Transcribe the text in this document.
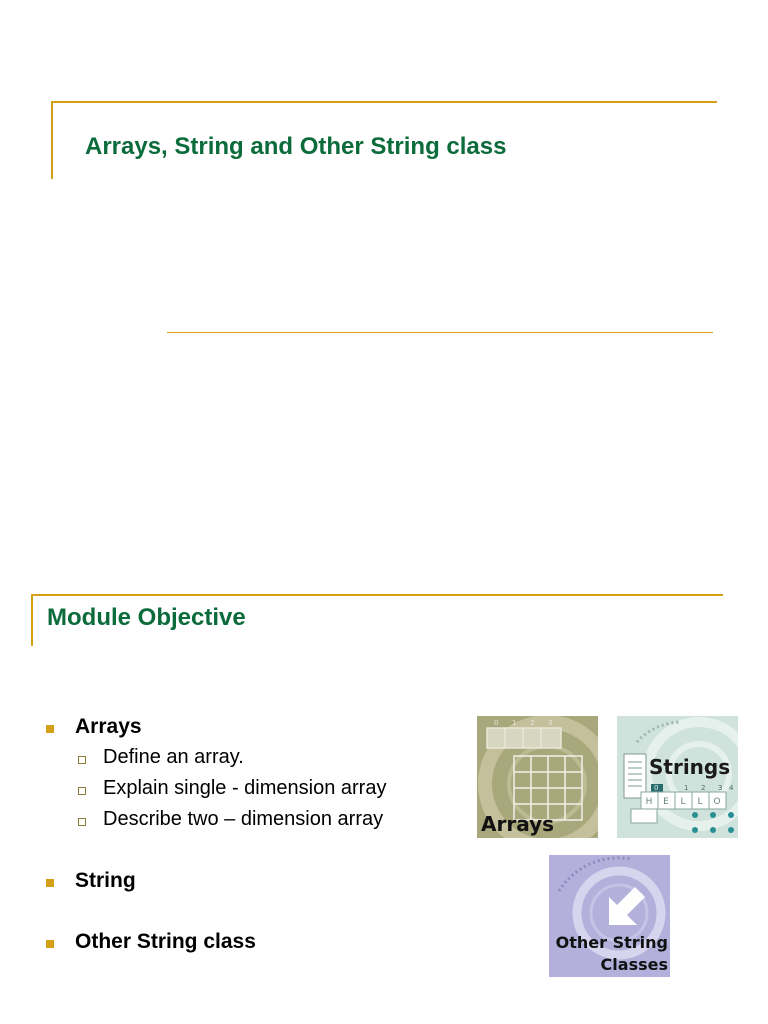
Arrays, String and Other String class
Module Objective
Arrays
Define an array.
Explain single - dimension array
Describe two – dimension array
String
Other String class
0 1 2 3
Arrays
0	1 2 3 4
H E L L O
Strings
Other String
Classes
